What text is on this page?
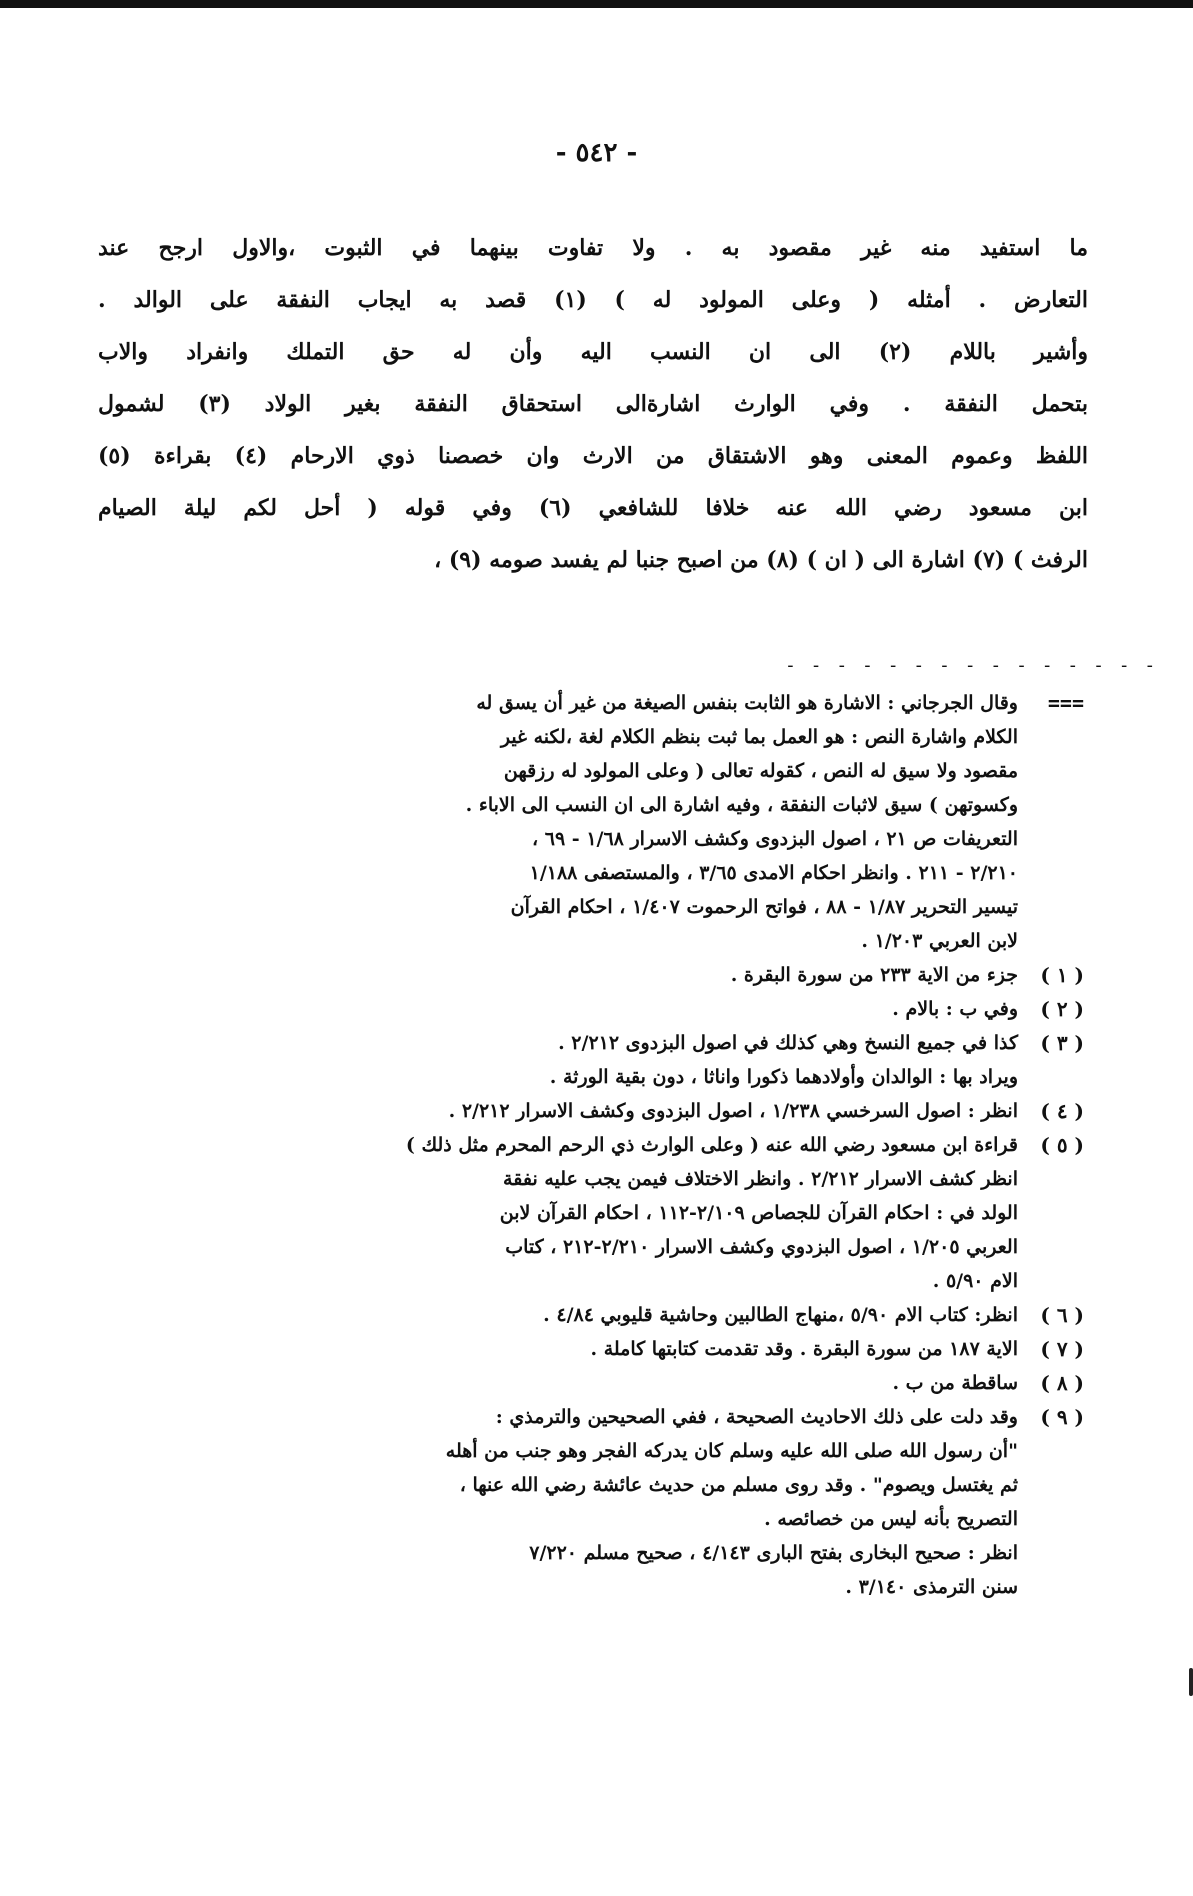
- ٥٤٢ -
ما استفيد منه غير مقصود به . ولا تفاوت بينهما في الثبوت ،والاول ارجح عند
التعارض . أمثله ( وعلى المولود له ) (١) قصد به ايجاب النفقة على الوالد .
وأشير باللام (٢) الى ان النسب اليه وأن له حق التملك وانفراد والاب
بتحمل النفقة . وفي الوارث اشارةالى استحقاق النفقة بغير الولاد (٣) لشمول
اللفظ وعموم المعنى وهو الاشتقاق من الارث وان خصصنا ذوي الارحام (٤) بقراءة (٥)
ابن مسعود رضي الله عنه خلافا للشافعي (٦) وفي قوله ( أحل لكم ليلة الصيام
الرفث ) (٧) اشارة الى ( ان ) (٨) من اصبح جنبا لم يفسد صومه (٩) ،
- - - - - - - - - - - - - - -
===
وقال الجرجاني : الاشارة هو الثابت بنفس الصيغة من غير أن يسق له
الكلام واشارة النص : هو العمل بما ثبت بنظم الكلام لغة ،لكنه غير
مقصود ولا سيق له النص ، كقوله تعالى ( وعلى المولود له رزقهن
وكسوتهن ) سيق لاثبات النفقة ، وفيه اشارة الى ان النسب الى الاباء .
التعريفات ص ٢١ ، اصول البزدوى وكشف الاسرار ١/٦٨ - ٦٩ ،
٢/٢١٠ - ٢١١ . وانظر احكام الامدى ٣/٦٥ ، والمستصفى ١/١٨٨
تيسير التحرير ١/٨٧ - ٨٨ ، فواتح الرحموت ١/٤٠٧ ، احكام القرآن
لابن العربي ١/٢٠٣ .
( ١ )
جزء من الاية ٢٣٣ من سورة البقرة .
( ٢ )
وفي ب : بالام .
( ٣ )
كذا في جميع النسخ وهي كذلك في اصول البزدوى ٢/٢١٢ .
ويراد بها : الوالدان وأولادهما ذكورا واناثا ، دون بقية الورثة .
( ٤ )
انظر : اصول السرخسي ١/٢٣٨ ، اصول البزدوى وكشف الاسرار ٢/٢١٢ .
( ٥ )
قراءة ابن مسعود رضي الله عنه ( وعلى الوارث ذي الرحم المحرم مثل ذلك )
انظر كشف الاسرار ٢/٢١٢ . وانظر الاختلاف فيمن يجب عليه نفقة
الولد في : احكام القرآن للجصاص ٢/١٠٩-١١٢ ، احكام القرآن لابن
العربي ١/٢٠٥ ، اصول البزدوي وكشف الاسرار ٢/٢١٠-٢١٢ ، كتاب
الام ٥/٩٠ .
( ٦ )
انظر: كتاب الام ٥/٩٠ ،منهاج الطالبين وحاشية قليوبي ٤/٨٤ .
( ٧ )
الاية ١٨٧ من سورة البقرة . وقد تقدمت كتابتها كاملة .
( ٨ )
ساقطة من ب .
( ٩ )
وقد دلت على ذلك الاحاديث الصحيحة ، ففي الصحيحين والترمذي :
"أن رسول الله صلى الله عليه وسلم كان يدركه الفجر وهو جنب من أهله
ثم يغتسل ويصوم" . وقد روى مسلم من حديث عائشة رضي الله عنها ،
التصريح بأنه ليس من خصائصه .
انظر : صحيح البخارى بفتح البارى ٤/١٤٣ ، صحيح مسلم ٧/٢٢٠
سنن الترمذى ٣/١٤٠ .
